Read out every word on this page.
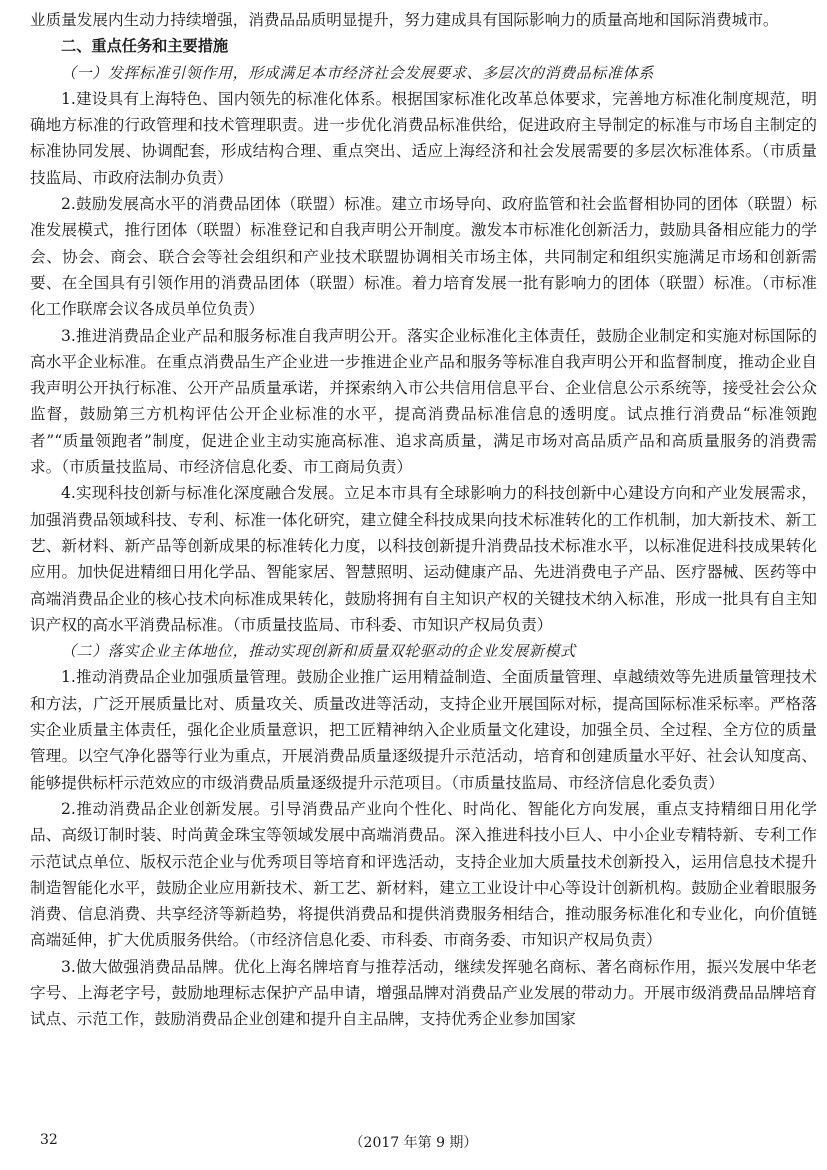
业质量发展内生动力持续增强，消费品品质明显提升，努力建成具有国际影响力的质量高地和国际消费城市。

二、重点任务和主要措施

（一）发挥标准引领作用，形成满足本市经济社会发展要求、多层次的消费品标准体系

1.建设具有上海特色、国内领先的标准化体系。根据国家标准化改革总体要求，完善地方标准化制度规范，明确地方标准的行政管理和技术管理职责。进一步优化消费品标准供给，促进政府主导制定的标准与市场自主制定的标准协同发展、协调配套，形成结构合理、重点突出、适应上海经济和社会发展需要的多层次标准体系。（市质量技监局、市政府法制办负责）

2.鼓励发展高水平的消费品团体（联盟）标准。建立市场导向、政府监管和社会监督相协同的团体（联盟）标准发展模式，推行团体（联盟）标准登记和自我声明公开制度。激发本市标准化创新活力，鼓励具备相应能力的学会、协会、商会、联合会等社会组织和产业技术联盟协调相关市场主体，共同制定和组织实施满足市场和创新需要、在全国具有引领作用的消费品团体（联盟）标准。着力培育发展一批有影响力的团体（联盟）标准。（市标准化工作联席会议各成员单位负责）

3.推进消费品企业产品和服务标准自我声明公开。落实企业标准化主体责任，鼓励企业制定和实施对标国际的高水平企业标准。在重点消费品生产企业进一步推进企业产品和服务等标准自我声明公开和监督制度，推动企业自我声明公开执行标准、公开产品质量承诺，并探索纳入市公共信用信息平台、企业信息公示系统等，接受社会公众监督，鼓励第三方机构评估公开企业标准的水平，提高消费品标准信息的透明度。试点推行消费品“标准领跑者”“质量领跑者”制度，促进企业主动实施高标准、追求高质量，满足市场对高品质产品和高质量服务的消费需求。（市质量技监局、市经济信息化委、市工商局负责）

4.实现科技创新与标准化深度融合发展。立足本市具有全球影响力的科技创新中心建设方向和产业发展需求，加强消费品领域科技、专利、标准一体化研究，建立健全科技成果向技术标准转化的工作机制，加大新技术、新工艺、新材料、新产品等创新成果的标准转化力度，以科技创新提升消费品技术标准水平，以标准促进科技成果转化应用。加快促进精细日用化学品、智能家居、智慧照明、运动健康产品、先进消费电子产品、医疗器械、医药等中高端消费品企业的核心技术向标准成果转化，鼓励将拥有自主知识产权的关键技术纳入标准，形成一批具有自主知识产权的高水平消费品标准。（市质量技监局、市科委、市知识产权局负责）

（二）落实企业主体地位，推动实现创新和质量双轮驱动的企业发展新模式

1.推动消费品企业加强质量管理。鼓励企业推广运用精益制造、全面质量管理、卓越绩效等先进质量管理技术和方法，广泛开展质量比对、质量攻关、质量改进等活动，支持企业开展国际对标，提高国际标准采标率。严格落实企业质量主体责任，强化企业质量意识，把工匠精神纳入企业质量文化建设，加强全员、全过程、全方位的质量管理。以空气净化器等行业为重点，开展消费品质量逐级提升示范活动，培育和创建质量水平好、社会认知度高、能够提供标杆示范效应的市级消费品质量逐级提升示范项目。（市质量技监局、市经济信息化委负责）

2.推动消费品企业创新发展。引导消费品产业向个性化、时尚化、智能化方向发展，重点支持精细日用化学品、高级订制时装、时尚黄金珠宝等领域发展中高端消费品。深入推进科技小巨人、中小企业专精特新、专利工作示范试点单位、版权示范企业与优秀项目等培育和评选活动，支持企业加大质量技术创新投入，运用信息技术提升制造智能化水平，鼓励企业应用新技术、新工艺、新材料，建立工业设计中心等设计创新机构。鼓励企业着眼服务消费、信息消费、共享经济等新趋势，将提供消费品和提供消费服务相结合，推动服务标准化和专业化，向价值链高端延伸，扩大优质服务供给。（市经济信息化委、市科委、市商务委、市知识产权局负责）

3.做大做强消费品品牌。优化上海名牌培育与推荐活动，继续发挥驰名商标、著名商标作用，振兴发展中华老字号、上海老字号，鼓励地理标志保护产品申请，增强品牌对消费品产业发展的带动力。开展市级消费品品牌培育试点、示范工作，鼓励消费品企业创建和提升自主品牌，支持优秀企业参加国家

32	（2017 年第 9 期）
